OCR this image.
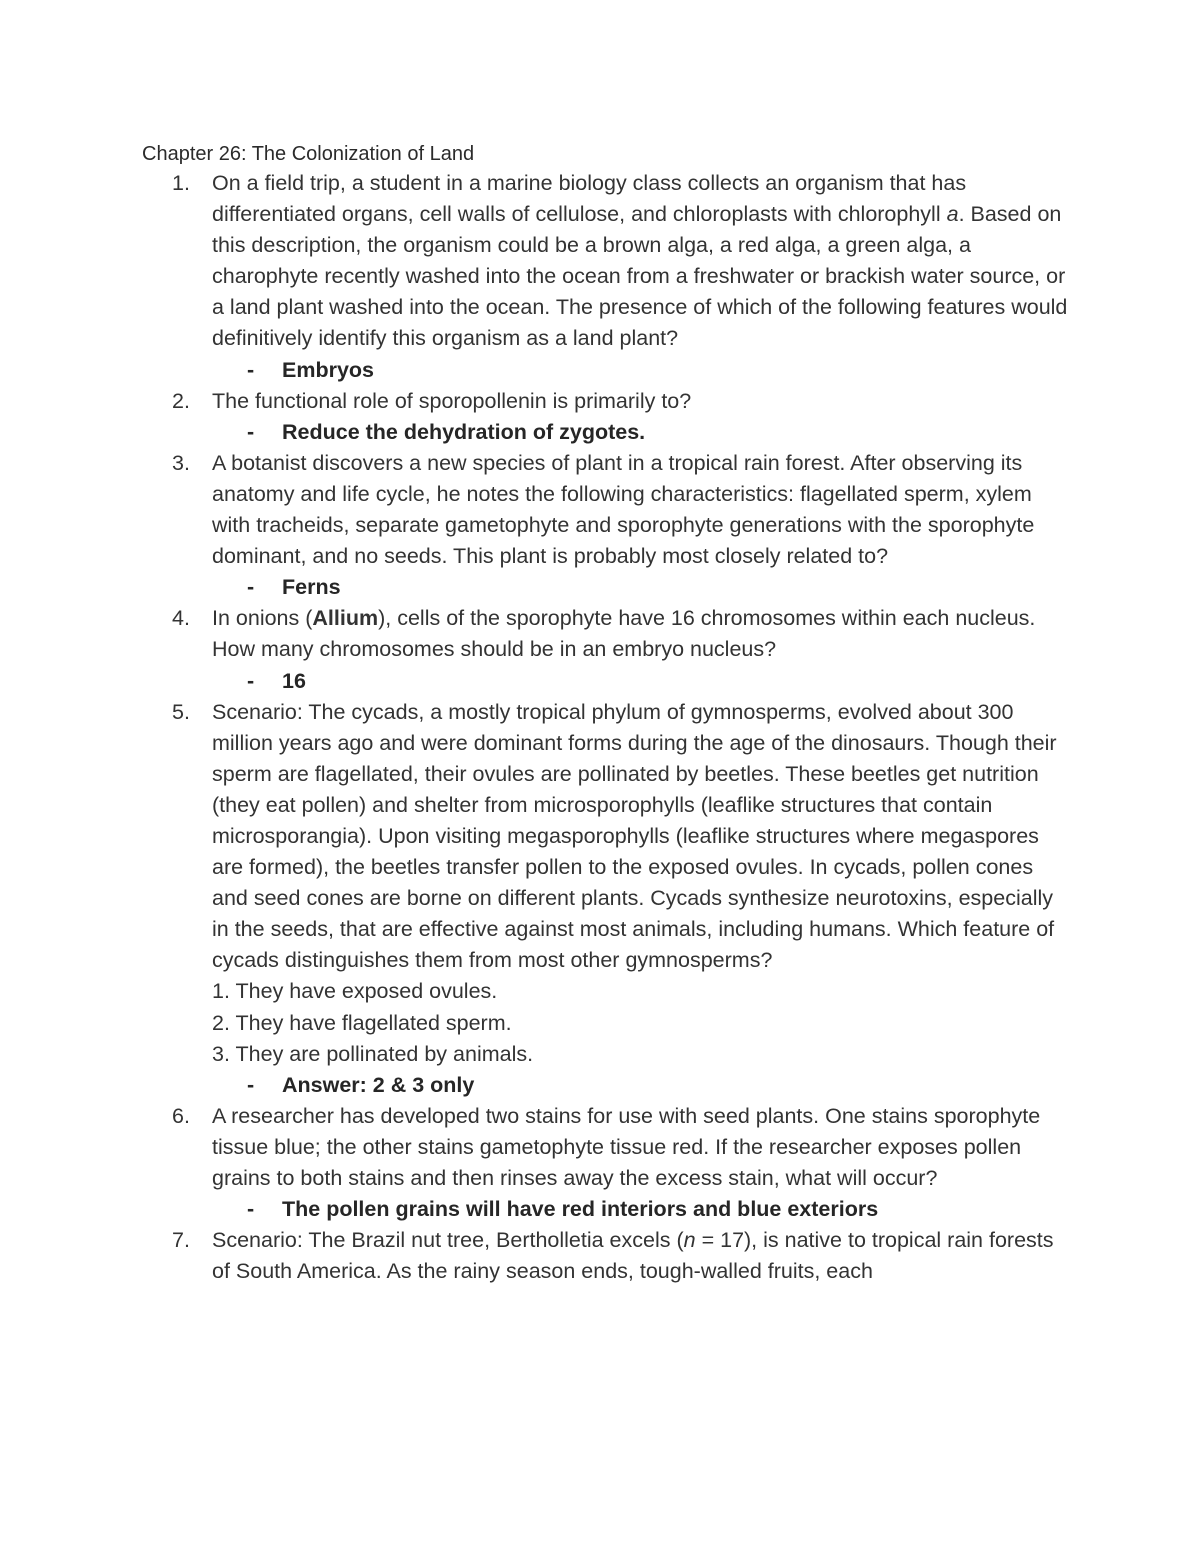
Chapter 26: The Colonization of Land
1.	On a field trip, a student in a marine biology class collects an organism that has differentiated organs, cell walls of cellulose, and chloroplasts with chlorophyll a. Based on this description, the organism could be a brown alga, a red alga, a green alga, a charophyte recently washed into the ocean from a freshwater or brackish water source, or a land plant washed into the ocean. The presence of which of the following features would definitively identify this organism as a land plant?
- Embryos
2.	The functional role of sporopollenin is primarily to?
- Reduce the dehydration of zygotes.
3.	A botanist discovers a new species of plant in a tropical rain forest. After observing its anatomy and life cycle, he notes the following characteristics: flagellated sperm, xylem with tracheids, separate gametophyte and sporophyte generations with the sporophyte dominant, and no seeds. This plant is probably most closely related to?
- Ferns
4.	In onions (Allium), cells of the sporophyte have 16 chromosomes within each nucleus. How many chromosomes should be in an embryo nucleus?
- 16
5.	Scenario: The cycads, a mostly tropical phylum of gymnosperms, evolved about 300 million years ago and were dominant forms during the age of the dinosaurs. Though their sperm are flagellated, their ovules are pollinated by beetles. These beetles get nutrition (they eat pollen) and shelter from microsporophylls (leaflike structures that contain microsporangia). Upon visiting megasporophylls (leaflike structures where megaspores are formed), the beetles transfer pollen to the exposed ovules. In cycads, pollen cones and seed cones are borne on different plants. Cycads synthesize neurotoxins, especially in the seeds, that are effective against most animals, including humans. Which feature of cycads distinguishes them from most other gymnosperms?
1. They have exposed ovules.
2. They have flagellated sperm.
3. They are pollinated by animals.
- Answer: 2 & 3 only
6.	A researcher has developed two stains for use with seed plants. One stains sporophyte tissue blue; the other stains gametophyte tissue red. If the researcher exposes pollen grains to both stains and then rinses away the excess stain, what will occur?
- The pollen grains will have red interiors and blue exteriors
7.	Scenario: The Brazil nut tree, Bertholletia excels (n = 17), is native to tropical rain forests of South America. As the rainy season ends, tough-walled fruits, each
